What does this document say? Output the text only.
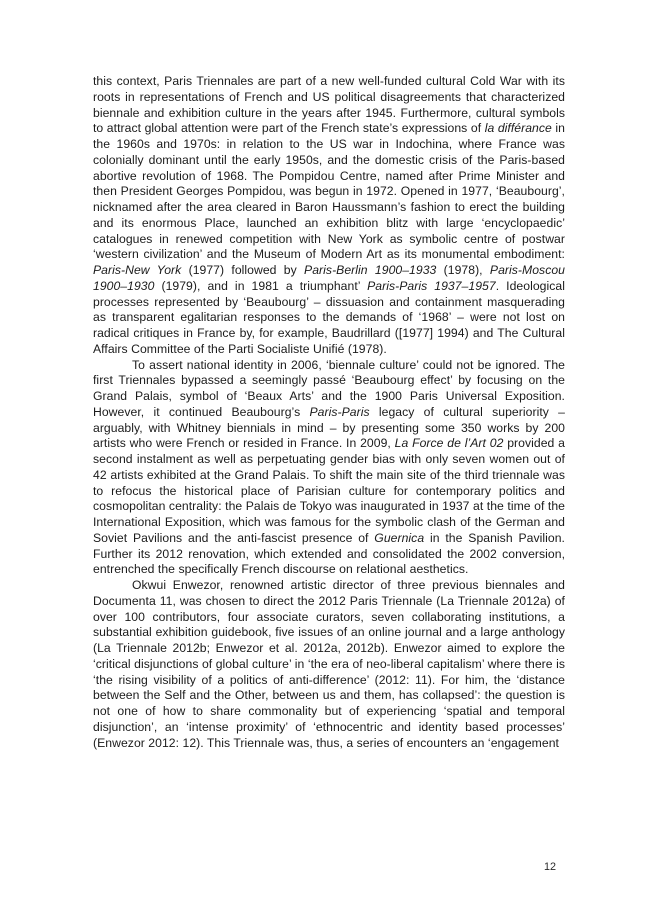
this context, Paris Triennales are part of a new well-funded cultural Cold War with its roots in representations of French and US political disagreements that characterized biennale and exhibition culture in the years after 1945. Furthermore, cultural symbols to attract global attention were part of the French state’s expressions of la différance in the 1960s and 1970s: in relation to the US war in Indochina, where France was colonially dominant until the early 1950s, and the domestic crisis of the Paris-based abortive revolution of 1968. The Pompidou Centre, named after Prime Minister and then President Georges Pompidou, was begun in 1972. Opened in 1977, ‘Beaubourg’, nicknamed after the area cleared in Baron Haussmann’s fashion to erect the building and its enormous Place, launched an exhibition blitz with large ‘encyclopaedic’ catalogues in renewed competition with New York as symbolic centre of postwar ‘western civilization’ and the Museum of Modern Art as its monumental embodiment: Paris-New York (1977) followed by Paris-Berlin 1900–1933 (1978), Paris-Moscou 1900–1930 (1979), and in 1981 a triumphant’ Paris-Paris 1937–1957. Ideological processes represented by ‘Beaubourg’ – dissuasion and containment masquerading as transparent egalitarian responses to the demands of ‘1968’ – were not lost on radical critiques in France by, for example, Baudrillard ([1977] 1994) and The Cultural Affairs Committee of the Parti Socialiste Unifié (1978).

To assert national identity in 2006, ‘biennale culture’ could not be ignored. The first Triennales bypassed a seemingly passé ‘Beaubourg effect’ by focusing on the Grand Palais, symbol of ‘Beaux Arts’ and the 1900 Paris Universal Exposition. However, it continued Beaubourg’s Paris-Paris legacy of cultural superiority – arguably, with Whitney biennials in mind – by presenting some 350 works by 200 artists who were French or resided in France. In 2009, La Force de l’Art 02 provided a second instalment as well as perpetuating gender bias with only seven women out of 42 artists exhibited at the Grand Palais. To shift the main site of the third triennale was to refocus the historical place of Parisian culture for contemporary politics and cosmopolitan centrality: the Palais de Tokyo was inaugurated in 1937 at the time of the International Exposition, which was famous for the symbolic clash of the German and Soviet Pavilions and the anti-fascist presence of Guernica in the Spanish Pavilion. Further its 2012 renovation, which extended and consolidated the 2002 conversion, entrenched the specifically French discourse on relational aesthetics.

Okwui Enwezor, renowned artistic director of three previous biennales and Documenta 11, was chosen to direct the 2012 Paris Triennale (La Triennale 2012a) of over 100 contributors, four associate curators, seven collaborating institutions, a substantial exhibition guidebook, five issues of an online journal and a large anthology (La Triennale 2012b; Enwezor et al. 2012a, 2012b). Enwezor aimed to explore the ‘critical disjunctions of global culture’ in ‘the era of neo-liberal capitalism’ where there is ‘the rising visibility of a politics of anti-difference’ (2012: 11). For him, the ‘distance between the Self and the Other, between us and them, has collapsed’: the question is not one of how to share commonality but of experiencing ‘spatial and temporal disjunction’, an ‘intense proximity’ of ‘ethnocentric and identity based processes’ (Enwezor 2012: 12). This Triennale was, thus, a series of encounters an ‘engagement

12
